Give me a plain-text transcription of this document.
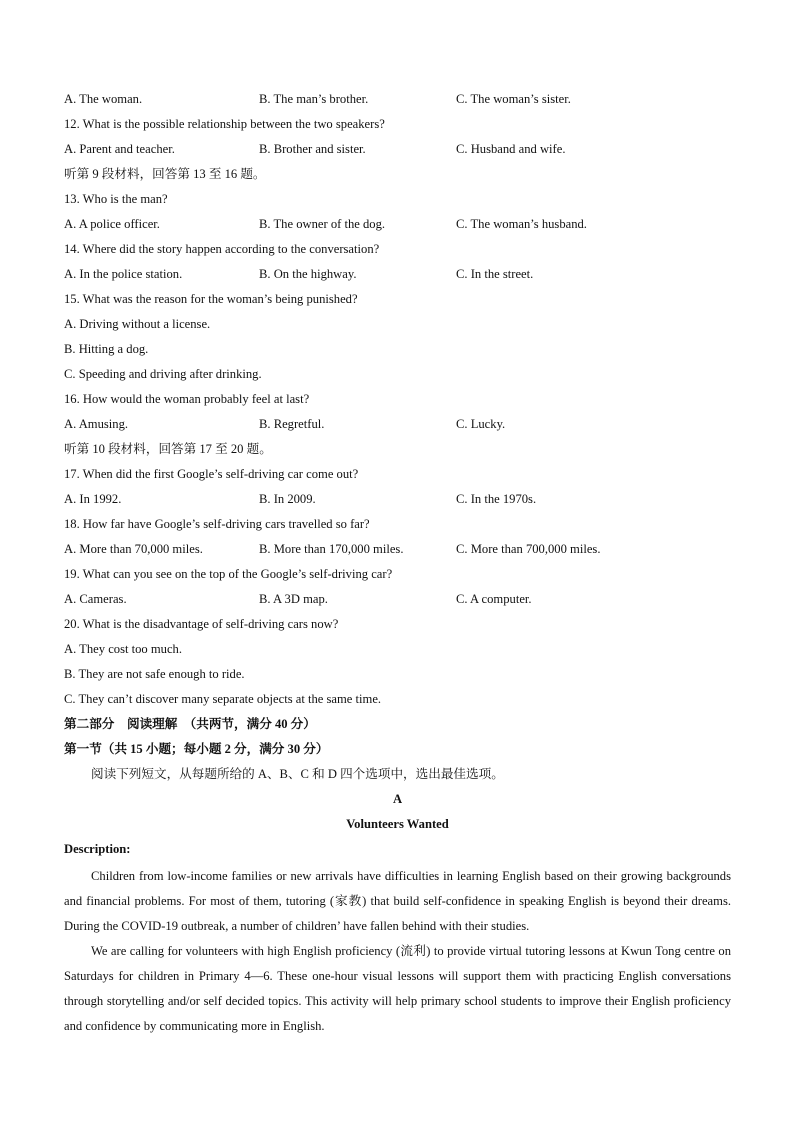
A. The woman.	B. The man’s brother.	C. The woman’s sister.
12. What is the possible relationship between the two speakers?
A. Parent and teacher.	B. Brother and sister.	C. Husband and wife.
听第 9 段材料，回答第 13 至 16 题。
13. Who is the man?
A. A police officer.	B. The owner of the dog.	C. The woman’s husband.
14. Where did the story happen according to the conversation?
A. In the police station.	B. On the highway.	C. In the street.
15. What was the reason for the woman’s being punished?
A. Driving without a license.
B. Hitting a dog.
C. Speeding and driving after drinking.
16. How would the woman probably feel at last?
A. Amusing.	B. Regretful.	C. Lucky.
听第 10 段材料，回答第 17 至 20 题。
17. When did the first Google’s self-driving car come out?
A. In 1992.	B. In 2009.	C. In the 1970s.
18. How far have Google’s self-driving cars travelled so far?
A. More than 70,000 miles.	B. More than 170,000 miles.	C. More than 700,000 miles.
19. What can you see on the top of the Google’s self-driving car?
A. Cameras.	B. A 3D map.	C. A computer.
20. What is the disadvantage of self-driving cars now?
A. They cost too much.
B. They are not safe enough to ride.
C. They can’t discover many separate objects at the same time.
第二部分　阅读理解　（共两节，满分 40 分）
第一节（共 15 小题；每小题 2 分，满分 30 分）
阅读下列短文，从每题所给的 A、B、C 和 D 四个选项中，选出最佳选项。
A
Volunteers Wanted
Description:

Children from low-income families or new arrivals have difficulties in learning English based on their growing backgrounds and financial problems. For most of them, tutoring (家教) that build self-confidence in speaking English is beyond their dreams. During the COVID-19 outbreak, a number of children’ have fallen behind with their studies.

We are calling for volunteers with high English proficiency (流利) to provide virtual tutoring lessons at Kwun Tong centre on Saturdays for children in Primary 4—6. These one-hour visual lessons will support them with practicing English conversations through storytelling and/or self decided topics. This activity will help primary school students to improve their English proficiency and confidence by communicating more in English.
